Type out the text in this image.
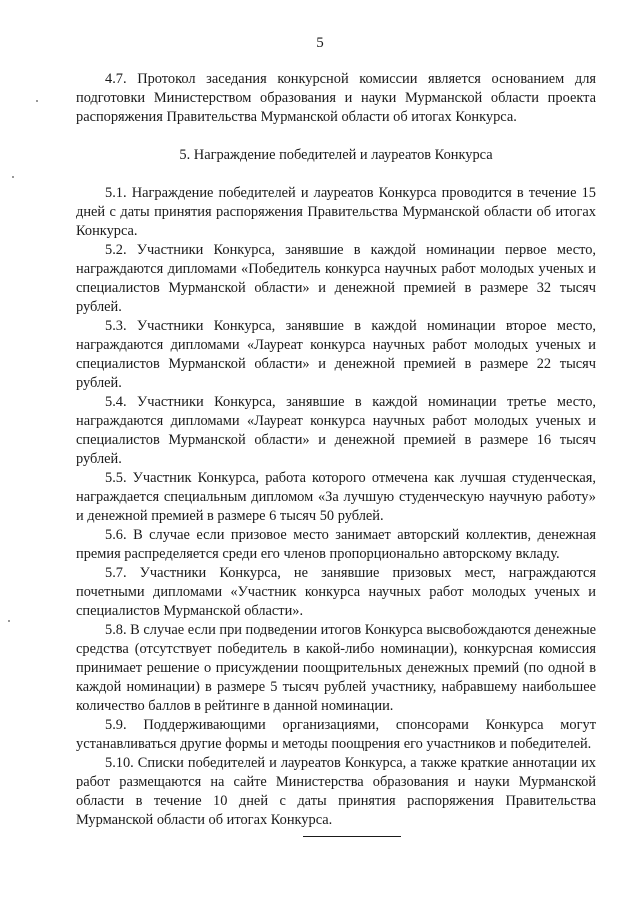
5

4.7. Протокол заседания конкурсной комиссии является основанием для подготовки Министерством образования и науки Мурманской области проекта распоряжения Правительства Мурманской области об итогах Конкурса.

5. Награждение победителей и лауреатов Конкурса

5.1. Награждение победителей и лауреатов Конкурса проводится в течение 15 дней с даты принятия распоряжения Правительства Мурманской области об итогах Конкурса.

5.2. Участники Конкурса, занявшие в каждой номинации первое место, награждаются дипломами «Победитель конкурса научных работ молодых ученых и специалистов Мурманской области» и денежной премией в размере 32 тысяч рублей.

5.3. Участники Конкурса, занявшие в каждой номинации второе место, награждаются дипломами «Лауреат конкурса научных работ молодых ученых и специалистов Мурманской области» и денежной премией в размере 22 тысяч рублей.

5.4. Участники Конкурса, занявшие в каждой номинации третье место, награждаются дипломами «Лауреат конкурса научных работ молодых ученых и специалистов Мурманской области» и денежной премией в размере 16 тысяч рублей.

5.5. Участник Конкурса, работа которого отмечена как лучшая студенческая, награждается специальным дипломом «За лучшую студенческую научную работу» и денежной премией в размере 6 тысяч 50 рублей.

5.6. В случае если призовое место занимает авторский коллектив, денежная премия распределяется среди его членов пропорционально авторскому вкладу.

5.7. Участники Конкурса, не занявшие призовых мест, награждаются почетными дипломами «Участник конкурса научных работ молодых ученых и специалистов Мурманской области».

5.8. В случае если при подведении итогов Конкурса высвобождаются денежные средства (отсутствует победитель в какой-либо номинации), конкурсная комиссия принимает решение о присуждении поощрительных денежных премий (по одной в каждой номинации) в размере 5 тысяч рублей участнику, набравшему наибольшее количество баллов в рейтинге в данной номинации.

5.9. Поддерживающими организациями, спонсорами Конкурса могут устанавливаться другие формы и методы поощрения его участников и победителей.

5.10. Списки победителей и лауреатов Конкурса, а также краткие аннотации их работ размещаются на сайте Министерства образования и науки Мурманской области в течение 10 дней с даты принятия распоряжения Правительства Мурманской области об итогах Конкурса.
